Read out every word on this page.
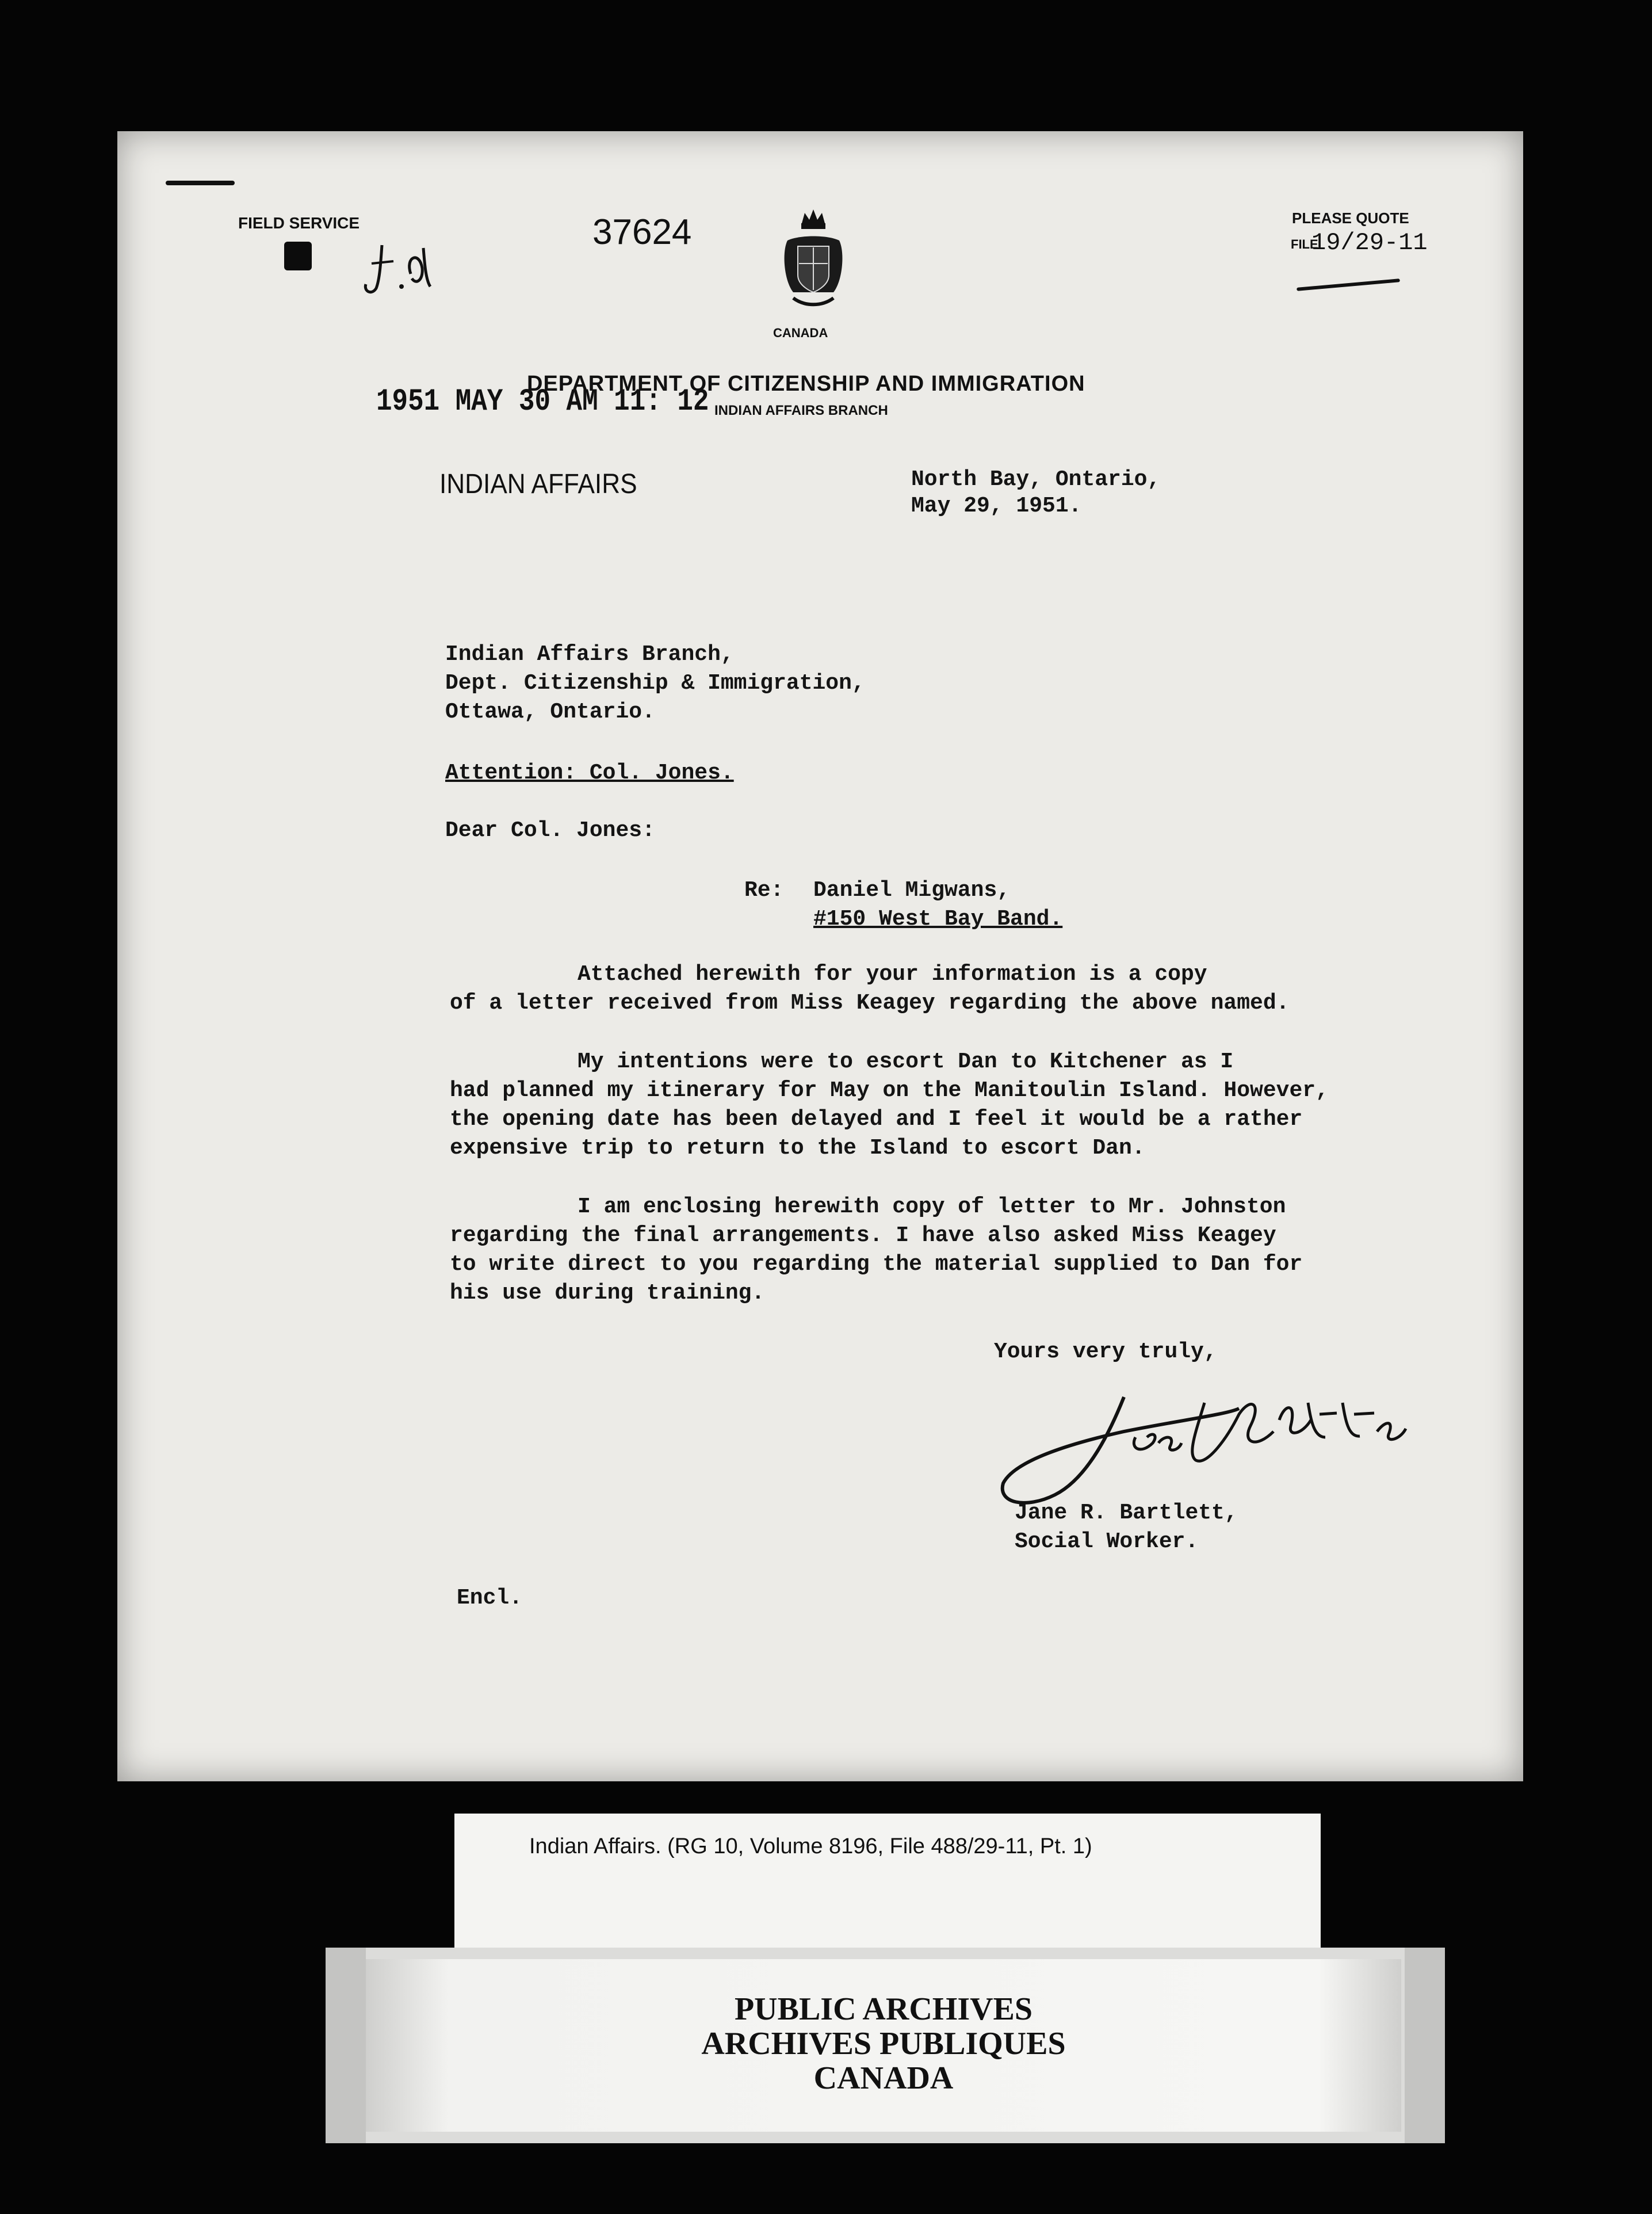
FIELD SERVICE	37624
CANADA
PLEASE QUOTE
FILE
19/29-11
DEPARTMENT OF CITIZENSHIP AND IMMIGRATION
INDIAN AFFAIRS BRANCH
1951 MAY 30 AM 11: 12
INDIAN AFFAIRS	North Bay, Ontario,
May 29, 1951.
Indian Affairs Branch,
Dept. Citizenship & Immigration,
Ottawa, Ontario.
Attention: Col. Jones.
Dear Col. Jones:
Re: Daniel Migwans,
#150 West Bay Band.
Attached herewith for your information is a copy
of a letter received from Miss Keagey regarding the above named.
My intentions were to escort Dan to Kitchener as I
had planned my itinerary for May on the Manitoulin Island. However,
the opening date has been delayed and I feel it would be a rather
expensive trip to return to the Island to escort Dan.
I am enclosing herewith copy of letter to Mr. Johnston
regarding the final arrangements. I have also asked Miss Keagey
to write direct to you regarding the material supplied to Dan for
his use during training.
Yours very truly,
Jane R. Bartlett,
Social Worker.
Encl.
Indian Affairs. (RG 10, Volume 8196, File 488/29-11, Pt. 1)
PUBLIC ARCHIVES
ARCHIVES PUBLIQUES
CANADA
